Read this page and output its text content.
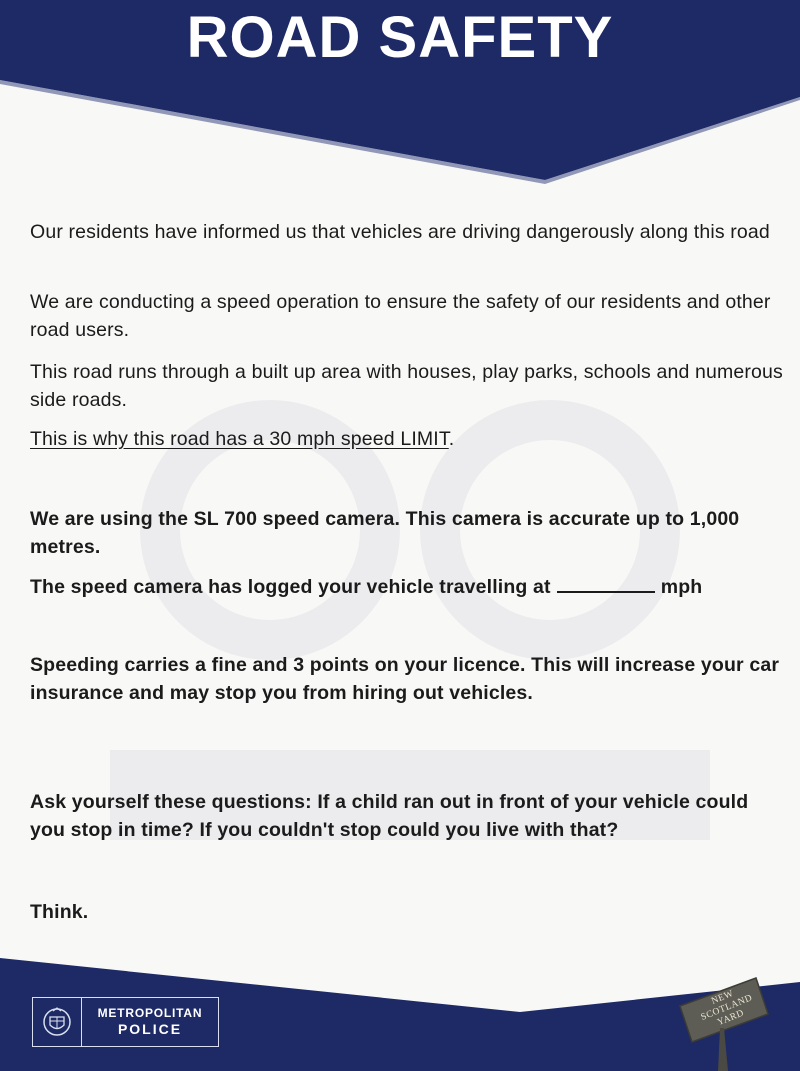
ROAD SAFETY

Our residents have informed us that vehicles are driving dangerously along this road

We are conducting a speed operation to ensure the safety of our residents and other road users.

This road runs through a built up area with houses, play parks, schools and numerous side roads.

This is why this road has a 30 mph speed LIMIT.

We are using the SL 700 speed camera. This camera is accurate up to 1,000 metres.

The speed camera has logged your vehicle travelling at	mph

Speeding carries a fine and 3 points on your licence. This will increase your car insurance and may stop you from hiring out vehicles.

Ask yourself these questions: If a child ran out in front of your vehicle could you stop in time? If you couldn't stop could you live with that?

Think.

METROPOLITAN
POLICE
NEW SCOTLAND YARD
